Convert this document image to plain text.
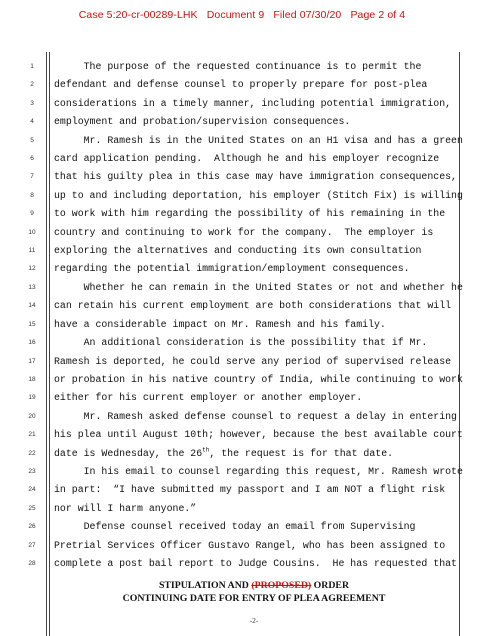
Case 5:20-cr-00289-LHK Document 9 Filed 07/30/20 Page 2 of 4
1
2
3
4
5
6
7
8
9
10
11
12
13
14
15
16
17
18
19
20
21
22
23
24
25
26
27
28
The purpose of the requested continuance is to permit the
defendant and defense counsel to properly prepare for post-plea
considerations in a timely manner, including potential immigration,
employment and probation/supervision consequences.
Mr. Ramesh is in the United States on an H1 visa and has a green
card application pending.  Although he and his employer recognize
that his guilty plea in this case may have immigration consequences,
up to and including deportation, his employer (Stitch Fix) is willing
to work with him regarding the possibility of his remaining in the
country and continuing to work for the company.  The employer is
exploring the alternatives and conducting its own consultation
regarding the potential immigration/employment consequences.
Whether he can remain in the United States or not and whether he
can retain his current employment are both considerations that will
have a considerable impact on Mr. Ramesh and his family.
An additional consideration is the possibility that if Mr.
Ramesh is deported, he could serve any period of supervised release
or probation in his native country of India, while continuing to work
either for his current employer or another employer.
Mr. Ramesh asked defense counsel to request a delay in entering
his plea until August 10th; however, because the best available court
date is Wednesday, the 26th, the request is for that date.
In his email to counsel regarding this request, Mr. Ramesh wrote
in part:  “I have submitted my passport and I am NOT a flight risk
nor will I harm anyone.”
Defense counsel received today an email from Supervising
Pretrial Services Officer Gustavo Rangel, who has been assigned to
complete a post bail report to Judge Cousins.  He has requested that
STIPULATION AND (PROPOSED) ORDER
CONTINUING DATE FOR ENTRY OF PLEA AGREEMENT
-2-
